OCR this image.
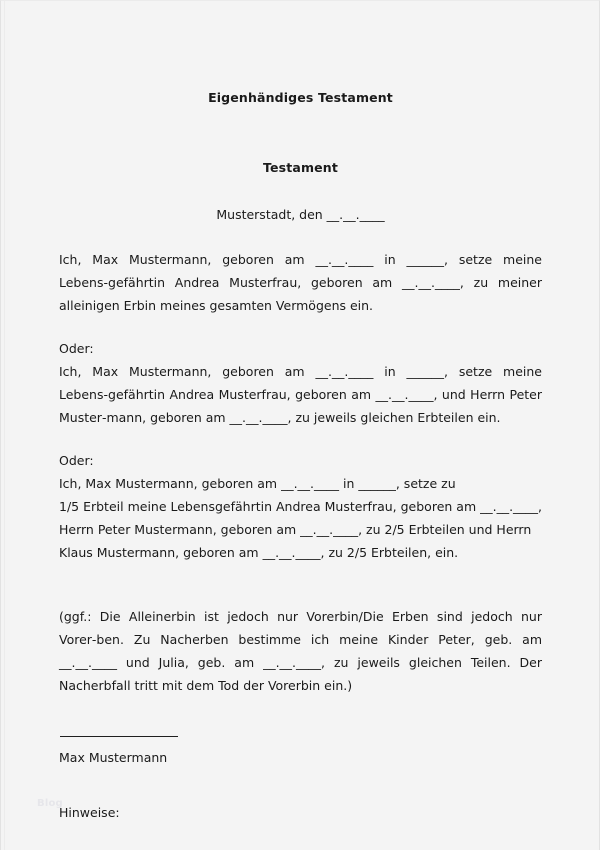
Eigenhändiges Testament
Testament

Musterstadt, den __.__.____

Ich, Max Mustermann, geboren am __.__.____ in ______, setze meine Lebens‑gefährtin Andrea Musterfrau, geboren am __.__.____, zu meiner alleinigen Erbin meines gesamten Vermögens ein.

Oder:

Ich, Max Mustermann, geboren am __.__.____ in ______, setze meine Lebens‑gefährtin Andrea Musterfrau, geboren am __.__.____, und Herrn Peter Muster‑mann, geboren am __.__.____, zu jeweils gleichen Erbteilen ein.

Oder:

Ich, Max Mustermann, geboren am __.__.____ in ______, setze zu

1/5 Erbteil meine Lebensgefährtin Andrea Musterfrau, geboren am __.__.____,

Herrn Peter Mustermann, geboren am __.__.____, zu 2/5 Erbteilen und Herrn

Klaus Mustermann, geboren am __.__.____, zu 2/5 Erbteilen, ein.

(ggf.: Die Alleinerbin ist jedoch nur Vorerbin/Die Erben sind jedoch nur Vorer‑ben. Zu Nacherben bestimme ich meine Kinder Peter, geb. am __.__.____ und Julia, geb. am __.__.____, zu jeweils gleichen Teilen. Der Nacherbfall tritt mit dem Tod der Vorerbin ein.)

Max Mustermann

Hinweise:

Blog
